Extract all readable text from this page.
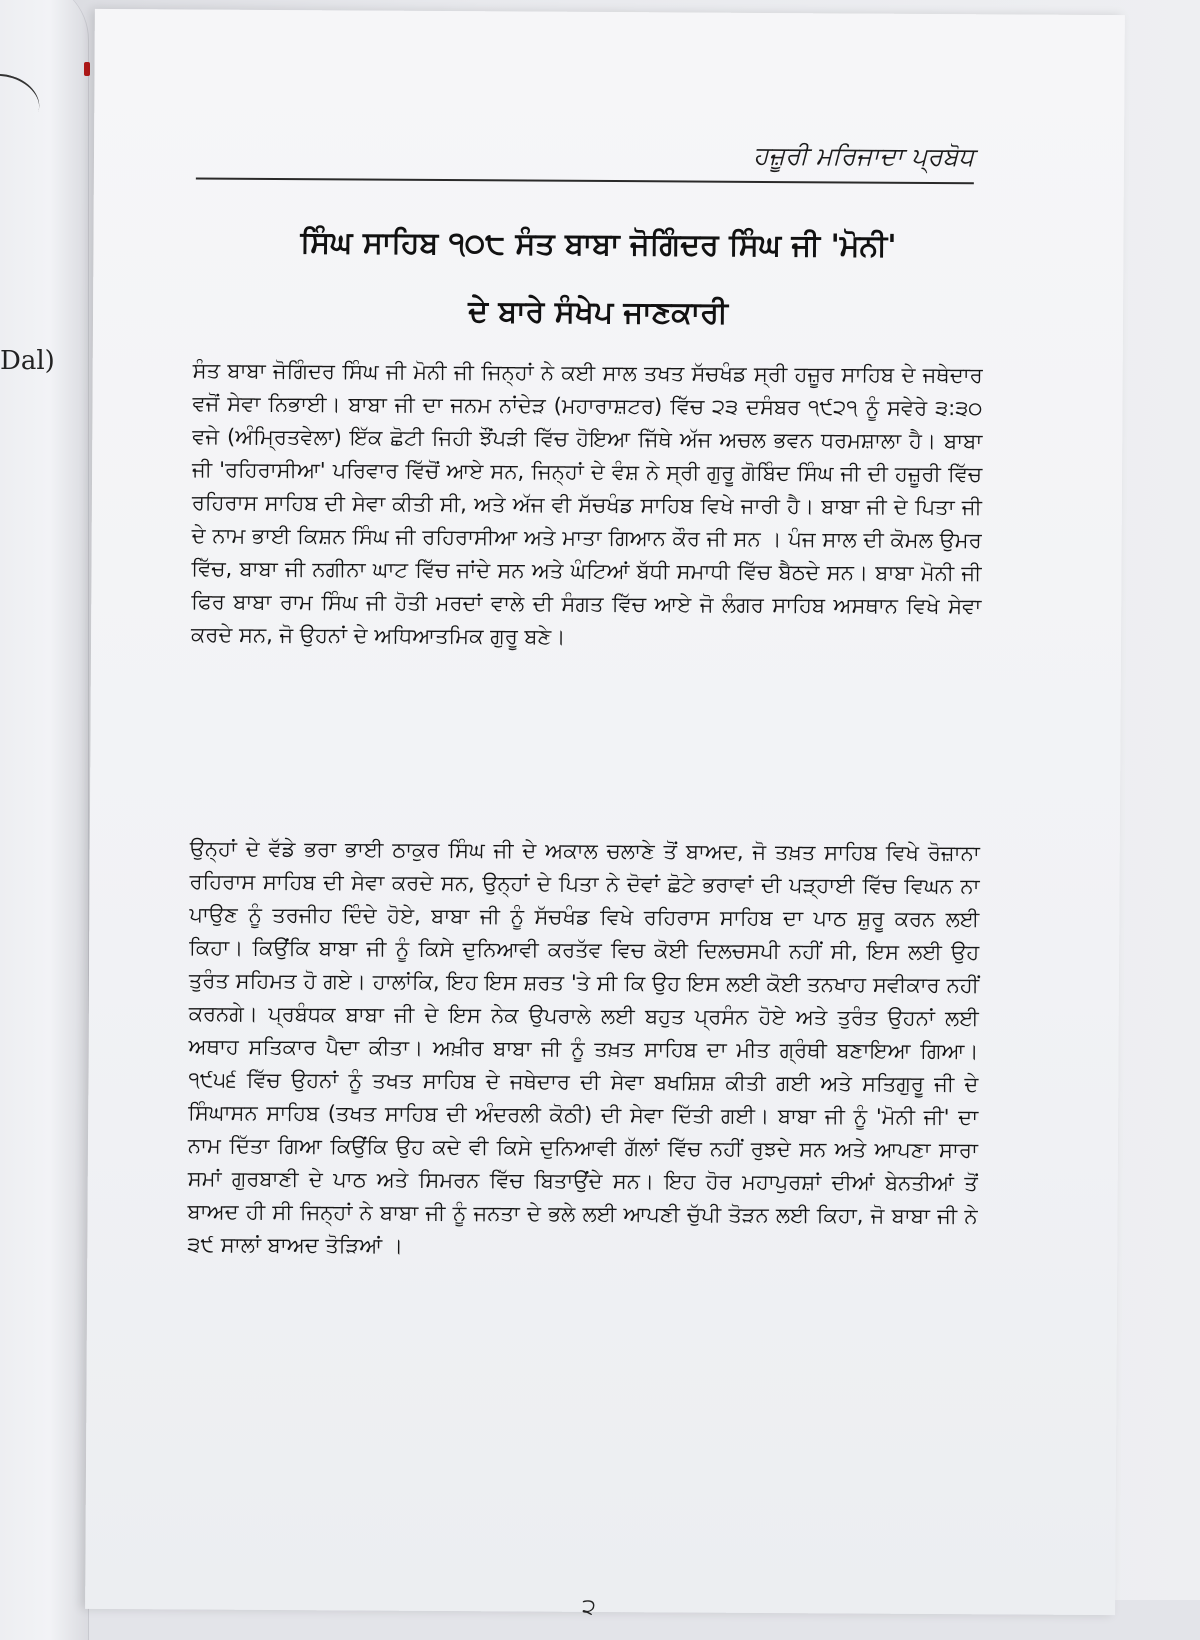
Dal)
ਹਜ਼ੂਰੀ ਮਰਿਜਾਦਾ ਪ੍ਰਬੋਧ
ਸਿੰਘ ਸਾਹਿਬ ੧੦੮ ਸੰਤ ਬਾਬਾ ਜੋਗਿੰਦਰ ਸਿੰਘ ਜੀ 'ਮੋਨੀ'
ਦੇ ਬਾਰੇ ਸੰਖੇਪ ਜਾਣਕਾਰੀ
ਸੰਤ ਬਾਬਾ ਜੋਗਿੰਦਰ ਸਿੰਘ ਜੀ ਮੋਨੀ ਜੀ ਜਿਨ੍ਹਾਂ ਨੇ ਕਈ ਸਾਲ ਤਖਤ ਸੱਚਖੰਡ ਸ੍ਰੀ ਹਜ਼ੂਰ ਸਾਹਿਬ ਦੇ ਜਥੇਦਾਰ ਵਜੋਂ ਸੇਵਾ ਨਿਭਾਈ। ਬਾਬਾ ਜੀ ਦਾ ਜਨਮ ਨਾਂਦੇੜ (ਮਹਾਰਾਸ਼ਟਰ) ਵਿੱਚ ੨੩ ਦਸੰਬਰ ੧੯੨੧ ਨੂੰ ਸਵੇਰੇ ੩:੩੦ ਵਜੇ (ਅੰਮ੍ਰਿਤਵੇਲਾ) ਇੱਕ ਛੋਟੀ ਜਿਹੀ ਝੌਂਪੜੀ ਵਿੱਚ ਹੋਇਆ ਜਿੱਥੇ ਅੱਜ ਅਚਲ ਭਵਨ ਧਰਮਸ਼ਾਲਾ ਹੈ। ਬਾਬਾ ਜੀ 'ਰਹਿਰਾਸੀਆ' ਪਰਿਵਾਰ ਵਿੱਚੋਂ ਆਏ ਸਨ, ਜਿਨ੍ਹਾਂ ਦੇ ਵੰਸ਼ ਨੇ ਸ੍ਰੀ ਗੁਰੂ ਗੋਬਿੰਦ ਸਿੰਘ ਜੀ ਦੀ ਹਜ਼ੂਰੀ ਵਿੱਚ ਰਹਿਰਾਸ ਸਾਹਿਬ ਦੀ ਸੇਵਾ ਕੀਤੀ ਸੀ, ਅਤੇ ਅੱਜ ਵੀ ਸੱਚਖੰਡ ਸਾਹਿਬ ਵਿਖੇ ਜਾਰੀ ਹੈ। ਬਾਬਾ ਜੀ ਦੇ ਪਿਤਾ ਜੀ ਦੇ ਨਾਮ ਭਾਈ ਕਿਸ਼ਨ ਸਿੰਘ ਜੀ ਰਹਿਰਾਸੀਆ ਅਤੇ ਮਾਤਾ ਗਿਆਨ ਕੌਰ ਜੀ ਸਨ । ਪੰਜ ਸਾਲ ਦੀ ਕੋਮਲ ਉਮਰ ਵਿੱਚ, ਬਾਬਾ ਜੀ ਨਗੀਨਾ ਘਾਟ ਵਿੱਚ ਜਾਂਦੇ ਸਨ ਅਤੇ ਘੰਟਿਆਂ ਬੱਧੀ ਸਮਾਧੀ ਵਿੱਚ ਬੈਠਦੇ ਸਨ। ਬਾਬਾ ਮੋਨੀ ਜੀ ਫਿਰ ਬਾਬਾ ਰਾਮ ਸਿੰਘ ਜੀ ਹੋਤੀ ਮਰਦਾਂ ਵਾਲੇ ਦੀ ਸੰਗਤ ਵਿੱਚ ਆਏ ਜੋ ਲੰਗਰ ਸਾਹਿਬ ਅਸਥਾਨ ਵਿਖੇ ਸੇਵਾ ਕਰਦੇ ਸਨ, ਜੋ ਉਹਨਾਂ ਦੇ ਅਧਿਆਤਮਿਕ ਗੁਰੂ ਬਣੇ।
ਉਨ੍ਹਾਂ ਦੇ ਵੱਡੇ ਭਰਾ ਭਾਈ ਠਾਕੁਰ ਸਿੰਘ ਜੀ ਦੇ ਅਕਾਲ ਚਲਾਣੇ ਤੋਂ ਬਾਅਦ, ਜੋ ਤਖ਼ਤ ਸਾਹਿਬ ਵਿਖੇ ਰੋਜ਼ਾਨਾ ਰਹਿਰਾਸ ਸਾਹਿਬ ਦੀ ਸੇਵਾ ਕਰਦੇ ਸਨ, ਉਨ੍ਹਾਂ ਦੇ ਪਿਤਾ ਨੇ ਦੋਵਾਂ ਛੋਟੇ ਭਰਾਵਾਂ ਦੀ ਪੜ੍ਹਾਈ ਵਿੱਚ ਵਿਘਨ ਨਾ ਪਾਉਣ ਨੂੰ ਤਰਜੀਹ ਦਿੰਦੇ ਹੋਏ, ਬਾਬਾ ਜੀ ਨੂੰ ਸੱਚਖੰਡ ਵਿਖੇ ਰਹਿਰਾਸ ਸਾਹਿਬ ਦਾ ਪਾਠ ਸ਼ੁਰੂ ਕਰਨ ਲਈ ਕਿਹਾ। ਕਿਉਂਕਿ ਬਾਬਾ ਜੀ ਨੂੰ ਕਿਸੇ ਦੁਨਿਆਵੀ ਕਰਤੱਵ ਵਿਚ ਕੋਈ ਦਿਲਚਸਪੀ ਨਹੀਂ ਸੀ, ਇਸ ਲਈ ਉਹ ਤੁਰੰਤ ਸਹਿਮਤ ਹੋ ਗਏ। ਹਾਲਾਂਕਿ, ਇਹ ਇਸ ਸ਼ਰਤ 'ਤੇ ਸੀ ਕਿ ਉਹ ਇਸ ਲਈ ਕੋਈ ਤਨਖਾਹ ਸਵੀਕਾਰ ਨਹੀਂ ਕਰਨਗੇ। ਪ੍ਰਬੰਧਕ ਬਾਬਾ ਜੀ ਦੇ ਇਸ ਨੇਕ ਉਪਰਾਲੇ ਲਈ ਬਹੁਤ ਪ੍ਰਸੰਨ ਹੋਏ ਅਤੇ ਤੁਰੰਤ ਉਹਨਾਂ ਲਈ ਅਥਾਹ ਸਤਿਕਾਰ ਪੈਦਾ ਕੀਤਾ। ਅਖ਼ੀਰ ਬਾਬਾ ਜੀ ਨੂੰ ਤਖ਼ਤ ਸਾਹਿਬ ਦਾ ਮੀਤ ਗ੍ਰੰਥੀ ਬਣਾਇਆ ਗਿਆ। ੧੯੫੬ ਵਿੱਚ ਉਹਨਾਂ ਨੂੰ ਤਖਤ ਸਾਹਿਬ ਦੇ ਜਥੇਦਾਰ ਦੀ ਸੇਵਾ ਬਖਸ਼ਿਸ਼ ਕੀਤੀ ਗਈ ਅਤੇ ਸਤਿਗੁਰੂ ਜੀ ਦੇ ਸਿੰਘਾਸਨ ਸਾਹਿਬ (ਤਖਤ ਸਾਹਿਬ ਦੀ ਅੰਦਰਲੀ ਕੋਠੀ) ਦੀ ਸੇਵਾ ਦਿੱਤੀ ਗਈ। ਬਾਬਾ ਜੀ ਨੂੰ 'ਮੋਨੀ ਜੀ' ਦਾ ਨਾਮ ਦਿੱਤਾ ਗਿਆ ਕਿਉਂਕਿ ਉਹ ਕਦੇ ਵੀ ਕਿਸੇ ਦੁਨਿਆਵੀ ਗੱਲਾਂ ਵਿੱਚ ਨਹੀਂ ਰੁਝਦੇ ਸਨ ਅਤੇ ਆਪਣਾ ਸਾਰਾ ਸਮਾਂ ਗੁਰਬਾਣੀ ਦੇ ਪਾਠ ਅਤੇ ਸਿਮਰਨ ਵਿੱਚ ਬਿਤਾਉਂਦੇ ਸਨ। ਇਹ ਹੋਰ ਮਹਾਪੁਰਸ਼ਾਂ ਦੀਆਂ ਬੇਨਤੀਆਂ ਤੋਂ ਬਾਅਦ ਹੀ ਸੀ ਜਿਨ੍ਹਾਂ ਨੇ ਬਾਬਾ ਜੀ ਨੂੰ ਜਨਤਾ ਦੇ ਭਲੇ ਲਈ ਆਪਣੀ ਚੁੱਪੀ ਤੋੜਨ ਲਈ ਕਿਹਾ, ਜੋ ਬਾਬਾ ਜੀ ਨੇ ੩੯ ਸਾਲਾਂ ਬਾਅਦ ਤੋੜਿਆਂ ।
੨
